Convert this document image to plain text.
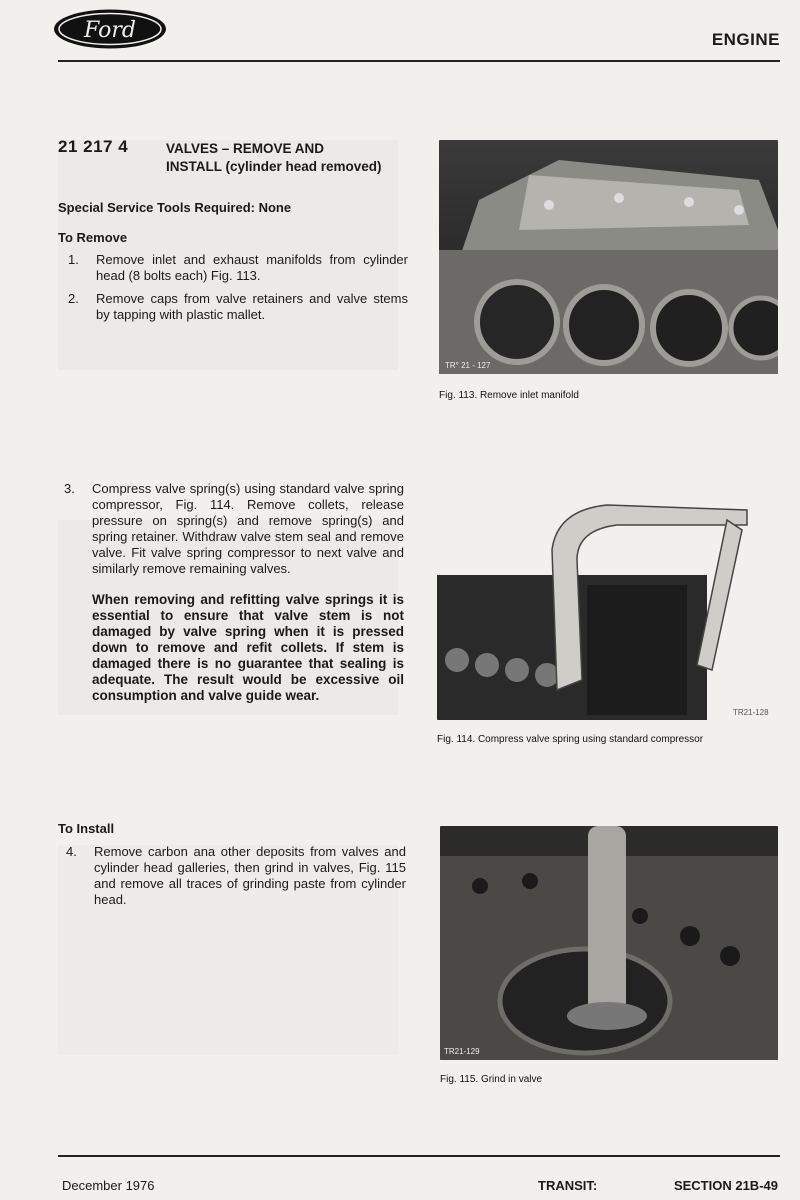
Ford	ENGINE
21 217 4	VALVES – REMOVE AND
INSTALL (cylinder head removed)
Special Service Tools Required: None
To Remove
1. Remove inlet and exhaust manifolds from cylinder head (8 bolts each) Fig. 113.
2. Remove caps from valve retainers and valve stems by tapping with plastic mallet.
3. Compress valve spring(s) using standard valve spring compressor, Fig. 114. Remove collets, release pressure on spring(s) and remove spring(s) and spring retainer. Withdraw valve stem seal and remove valve. Fit valve spring compressor to next valve and similarly remove remaining valves.
When removing and refitting valve springs it is essential to ensure that valve stem is not damaged by valve spring when it is pressed down to remove and refit collets. If stem is damaged there is no guarantee that sealing is adequate. The result would be excessive oil consumption and valve guide wear.
To Install
4. Remove carbon ana other deposits from valves and cylinder head galleries, then grind in valves, Fig. 115 and remove all traces of grinding paste from cylinder head.
TR° 21 - 127
Fig. 113. Remove inlet manifold
TR21-128
Fig. 114. Compress valve spring using standard compressor
TR21-129
Fig. 115. Grind in valve
December 1976	TRANSIT:	SECTION 21B-49
